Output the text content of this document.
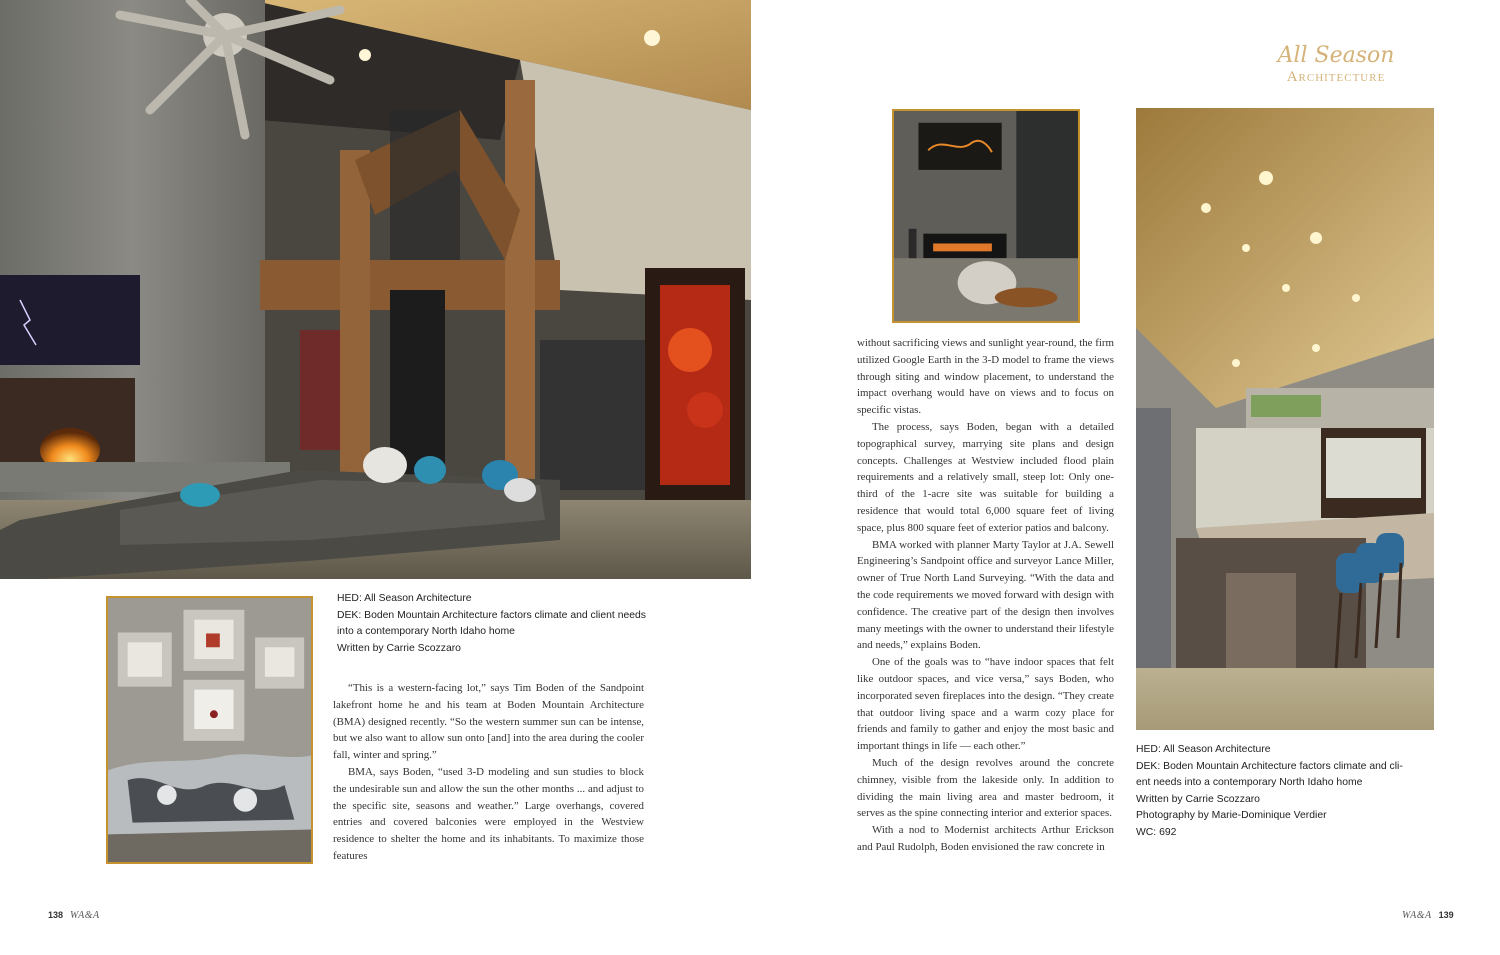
All Season
Architecture
HED: All Season Architecture
DEK: Boden Mountain Architecture factors climate and client needs
into a contemporary North Idaho home
Written by Carrie Scozzaro

“This is a western-facing lot,” says Tim Boden of the Sandpoint lakefront home he and his team at Boden Mountain Architecture (BMA) designed recently. “So the western summer sun can be intense, but we also want to allow sun onto [and] into the area during the cooler fall, winter and spring.”

BMA, says Boden, “used 3-D modeling and sun studies to block the undesirable sun and allow the sun the other months ... and adjust to the specific site, seasons and weather.” Large overhangs, covered entries and covered balconies were employed in the Westview residence to shelter the home and its inhabitants. To maximize those features

without sacrificing views and sunlight year-round, the firm utilized Google Earth in the 3-D model to frame the views through siting and window placement, to understand the impact overhang would have on views and to focus on specific vistas.

The process, says Boden, began with a detailed topographical survey, marrying site plans and design concepts. Challenges at Westview included flood plain requirements and a relatively small, steep lot: Only one-third of the 1-acre site was suitable for building a residence that would total 6,000 square feet of living space, plus 800 square feet of exterior patios and balcony.

BMA worked with planner Marty Taylor at J.A. Sewell Engineering’s Sandpoint office and surveyor Lance Miller, owner of True North Land Surveying. “With the data and the code requirements we moved forward with design with confidence. The creative part of the design then involves many meetings with the owner to understand their lifestyle and needs,” explains Boden.

One of the goals was to “have indoor spaces that felt like outdoor spaces, and vice versa,” says Boden, who incorporated seven fireplaces into the design. “They create that outdoor living space and a warm cozy place for friends and family to gather and enjoy the most basic and important things in life — each other.”

Much of the design revolves around the concrete chimney, visible from the lakeside only. In addition to dividing the main living area and master bedroom, it serves as the spine connecting interior and exterior spaces.

With a nod to Modernist architects Arthur Erickson and Paul Rudolph, Boden envisioned the raw concrete in

HED: All Season Architecture
DEK: Boden Mountain Architecture factors climate and cli-
ent needs into a contemporary North Idaho home
Written by Carrie Scozzaro
Photography by Marie-Dominique Verdier
WC: 692
138 WA&A	WA&A 139
